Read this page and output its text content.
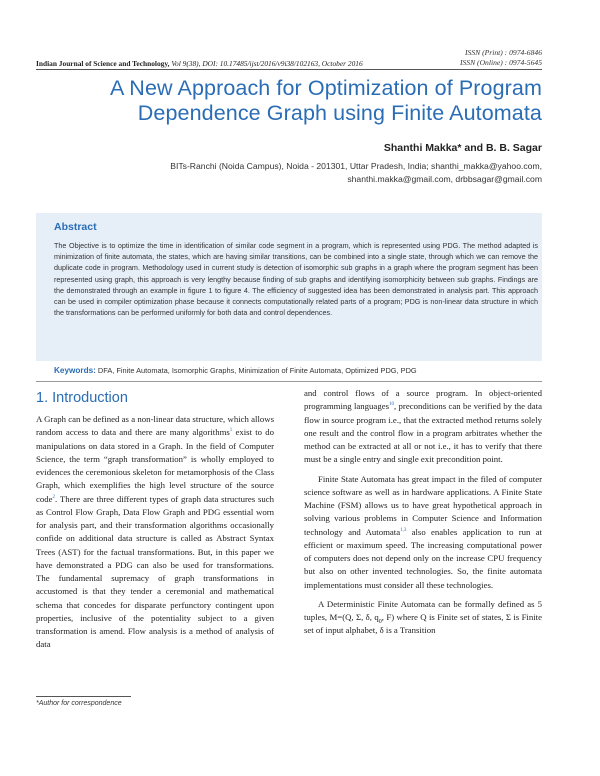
ISSN (Print) : 0974-6846
ISSN (Online) : 0974-5645
Indian Journal of Science and Technology, Vol 9(38), DOI: 10.17485/ijst/2016/v9i38/102163, October 2016
A New Approach for Optimization of Program
Dependence Graph using Finite Automata
Shanthi Makka* and B. B. Sagar
BITs-Ranchi (Noida Campus), Noida - 201301, Uttar Pradesh, India; shanthi_makka@yahoo.com,
shanthi.makka@gmail.com, drbbsagar@gmail.com
Abstract
The Objective is to optimize the time in identification of similar code segment in a program, which is represented using PDG. The method adapted is minimization of finite automata, the states, which are having similar transitions, can be combined into a single state, through which we can remove the duplicate code in program. Methodology used in current study is detection of isomorphic sub graphs in a graph where the program segment has been represented using graph, this approach is very lengthy because finding of sub graphs and identifying isomorphicity between sub graphs. Findings are the demonstrated through an example in figure 1 to figure 4. The efficiency of suggested idea has been demonstrated in analysis part. This approach can be used in compiler optimization phase because it connects computationally related parts of a program; PDG is non-linear data structure in which the transformations can be performed uniformly for both data and control dependences.
Keywords: DFA, Finite Automata, Isomorphic Graphs, Minimization of Finite Automata, Optimized PDG, PDG
1. Introduction

A Graph can be defined as a non-linear data structure, which allows random access to data and there are many algorithms$^1$ exist to do manipulations on data stored in a Graph. In the field of Computer Science, the term “graph transformation” is wholly employed to evidences the ceremonious skeleton for metamorphosis of the Class Graph, which exemplifies the high level structure of the source code$^2$. There are three different types of graph data structures such as Control Flow Graph, Data Flow Graph and PDG essential worn for analysis part, and their transformation algorithms occasionally confide on additional data structure is called as Abstract Syntax Trees (AST) for the factual transformations. But, in this paper we have demonstrated a PDG can also be used for transformations. The fundamental supremacy of graph transformations in accustomed is that they tender a ceremonial and mathematical schema that concedes for disparate perfunctory contingent upon properties, inclusive of the potentiality subject to a given transformation is amend. Flow analysis is a method of analysis of data

and control flows of a source program. In object-oriented programming languages$^{10}$, preconditions can be verified by the data flow in source program i.e., that the extracted method returns solely one result and the control flow in a program arbitrates whether the method can be extracted at all or not i.e., it has to verify that there must be a single entry and single exit precondition point.

Finite State Automata has great impact in the filed of computer science software as well as in hardware applications. A Finite State Machine (FSM) allows us to have great hypothetical approach in solving various problems in Computer Science and Information technology and Automata$^{1,3}$ also enables application to run at efficient or maximum speed. The increasing computational power of computers does not depend only on the increase CPU frequency but also on other invented technologies. So, the finite automata implementations must consider all these technologies.

A Deterministic Finite Automata can be formally defined as 5 tuples, M=(Q, Σ, δ, $q_0$, F) where Q is Finite set of states, Σ is Finite set of input alphabet, δ is a Transition

*Author for correspondence
